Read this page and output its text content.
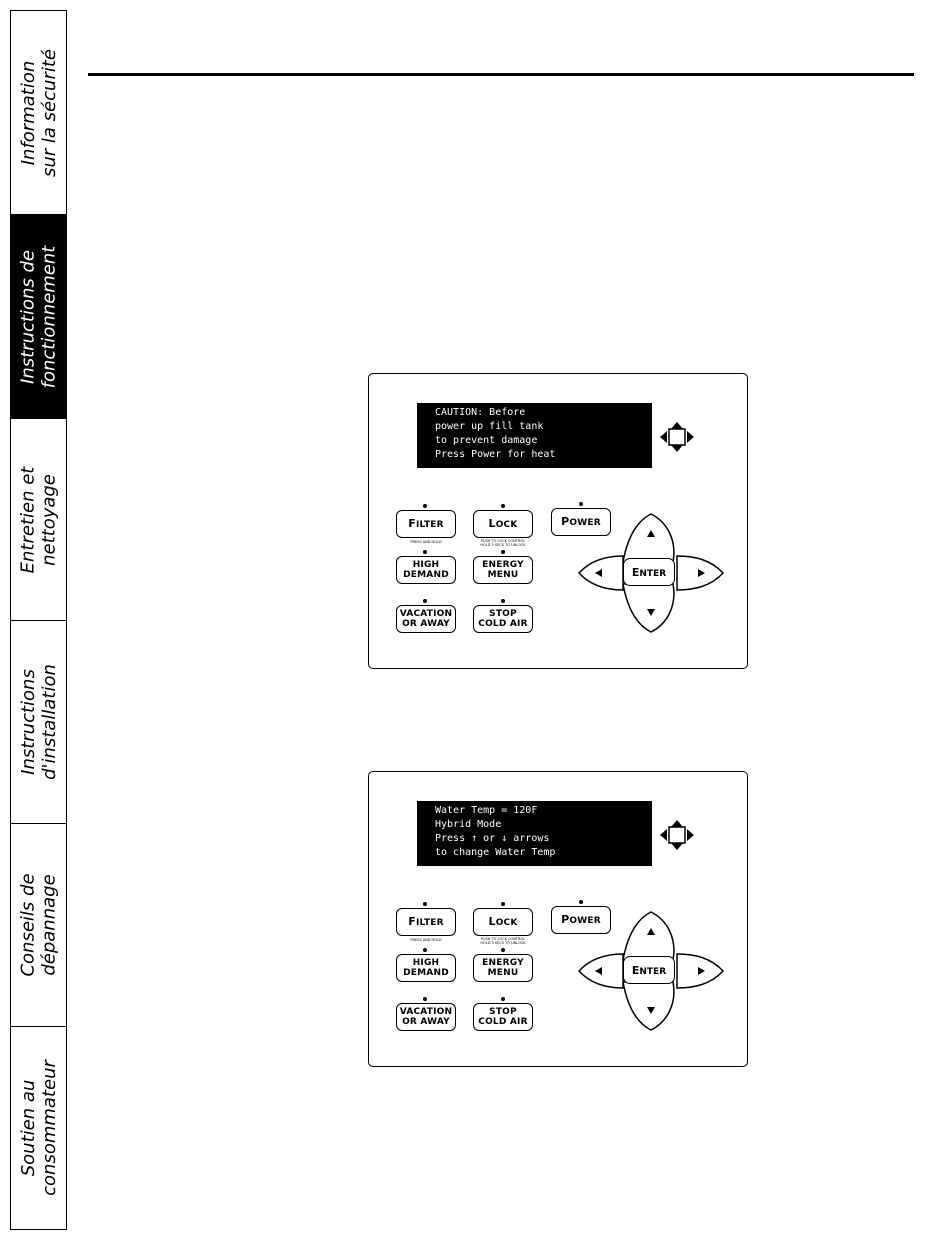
Information sur la sécurité
Instructions de fonctionnement
Entretien et nettoyage
Instructions d'installation
Conseils de dépannage
Soutien au consommateur
CAUTION: Before
power up fill tank
to prevent damage
Press Power for heat
FILTER
PRESS AND HOLD
LOCK
PUSH TO LOCK CONTROL
HOLD 3 SECS TO UNLOCK
POWER
HIGH
DEMAND
ENERGY
MENU
VACATION
OR AWAY
STOP
COLD AIR
ENTER
Water Temp = 120F
Hybrid Mode
Press ↑ or ↓ arrows
to change Water Temp
FILTER
PRESS AND HOLD
LOCK
PUSH TO LOCK CONTROL
HOLD 3 SECS TO UNLOCK
POWER
HIGH
DEMAND
ENERGY
MENU
VACATION
OR AWAY
STOP
COLD AIR
ENTER
